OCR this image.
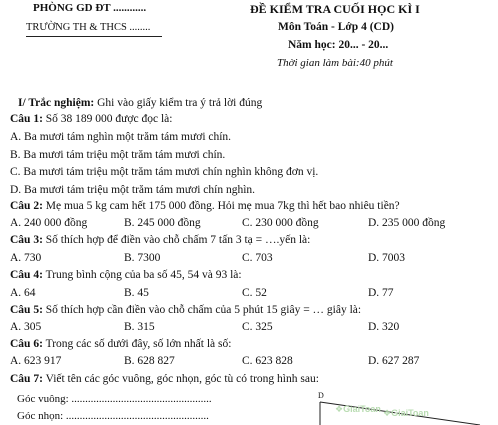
PHÒNG GD ĐT ............
TRƯỜNG TH & THCS ........
ĐỀ KIỂM TRA CUỐI HỌC KÌ I
Môn Toán - Lớp 4 (CD)
Năm học: 20... - 20...
Thời gian làm bài:40 phút
I/ Trắc nghiệm: Ghi vào giấy kiểm tra ý trả lời đúng
Câu 1: Số 38 189 000 được đọc là:
A. Ba mươi tám nghìn một trăm tám mươi chín.
B. Ba mươi tám triệu một trăm tám mươi chín.
C. Ba mươi tám triệu một trăm tám mươi chín nghìn không đơn vị.
D. Ba mươi tám triệu một trăm tám mươi chín nghìn.
Câu 2: Mẹ mua 5 kg cam hết 175 000 đồng. Hỏi mẹ mua 7kg thì hết bao nhiêu tiền?
A. 240 000 đồng	B. 245 000 đồng	C. 230 000 đồng	D. 235 000 đồng
Câu 3: Số thích hợp để điền vào chỗ chấm 7 tấn 3 tạ = ….yến là:
A. 730	B. 7300	C. 703	D. 7003
Câu 4: Trung bình cộng của ba số 45, 54 và 93 là:
A. 64	B. 45	C. 52	D. 77
Câu 5: Số thích hợp cần điền vào chỗ chấm của 5 phút 15 giây = … giây là:
A. 305	B. 315	C. 325	D. 320
Câu 6: Trong các số dưới đây, số lớn nhất là số:
A. 623 917	B. 628 827	C. 623 828	D. 627 287
Câu 7: Viết tên các góc vuông, góc nhọn, góc tù có trong hình sau:
Góc vuông: ...................................................
Góc nhọn: ....................................................
D
❖GiaiToan ❖GiaiToan
